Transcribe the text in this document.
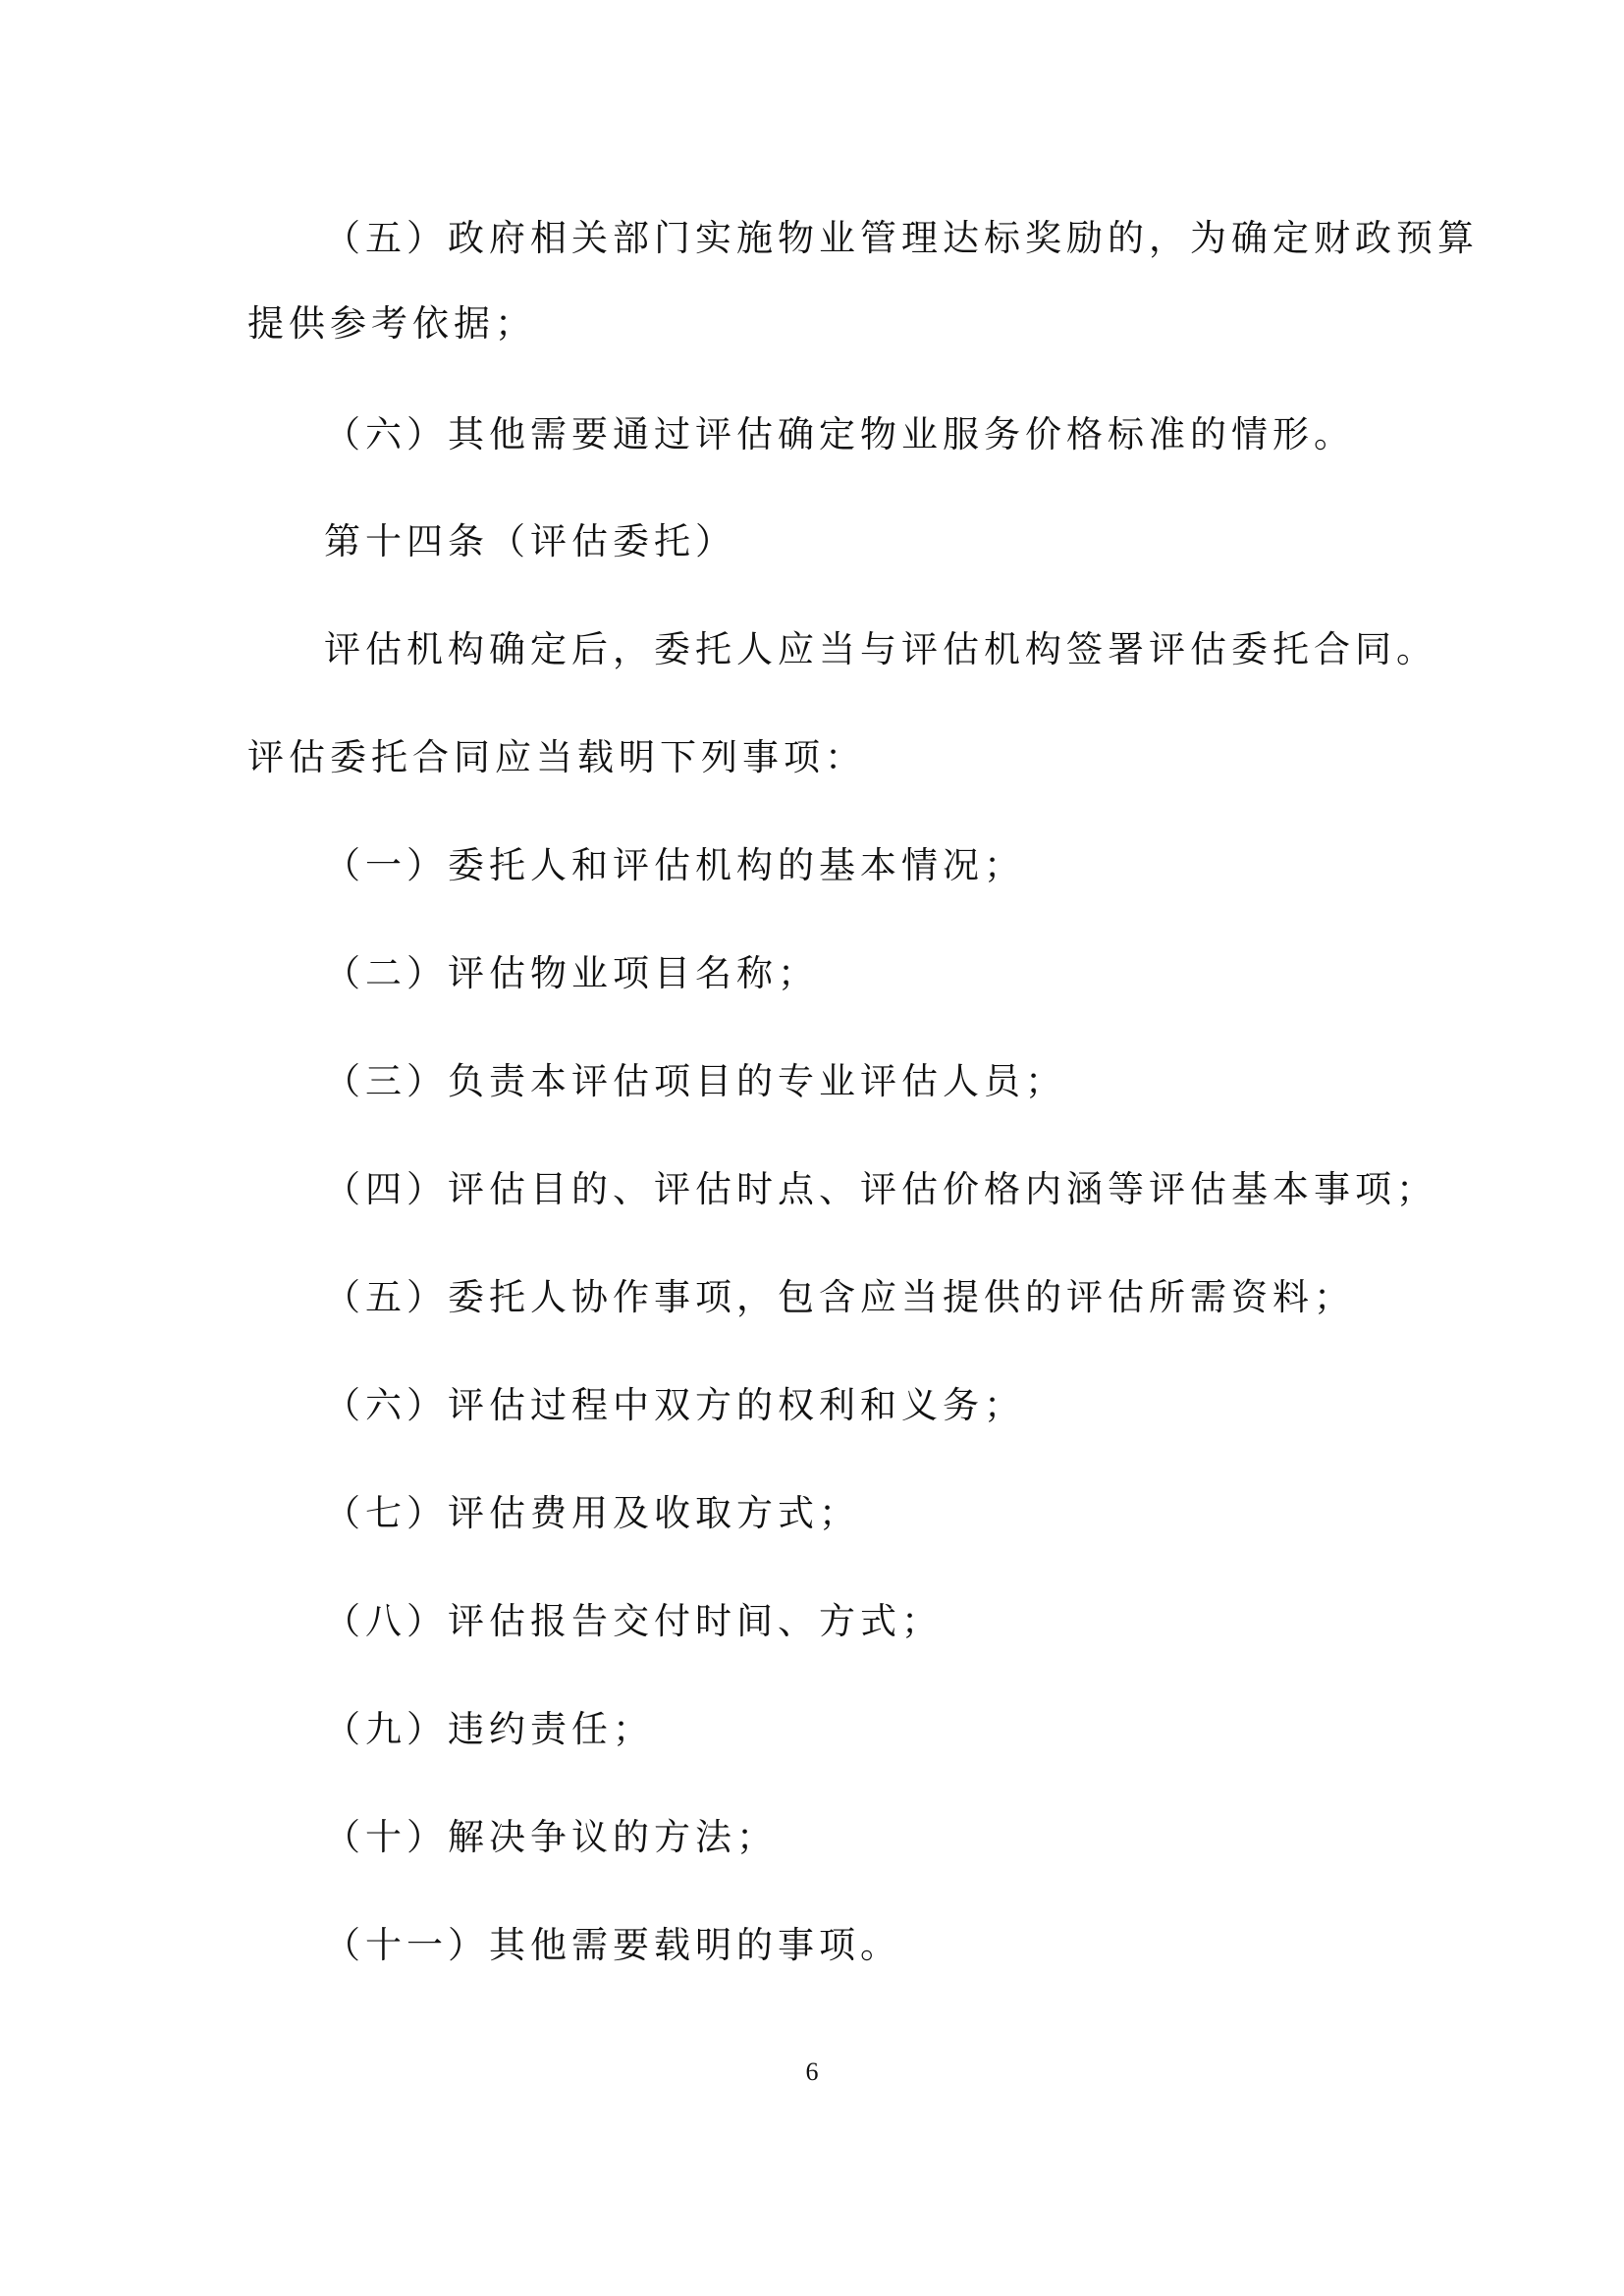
（五）政府相关部门实施物业管理达标奖励的，为确定财政预算

提供参考依据；

（六）其他需要通过评估确定物业服务价格标准的情形。

第十四条（评估委托）

评估机构确定后，委托人应当与评估机构签署评估委托合同。

评估委托合同应当载明下列事项：

（一）委托人和评估机构的基本情况；

（二）评估物业项目名称；

（三）负责本评估项目的专业评估人员；

（四）评估目的、评估时点、评估价格内涵等评估基本事项；

（五）委托人协作事项，包含应当提供的评估所需资料；

（六）评估过程中双方的权利和义务；

（七）评估费用及收取方式；

（八）评估报告交付时间、方式；

（九）违约责任；

（十）解决争议的方法；

（十一）其他需要载明的事项。

6
